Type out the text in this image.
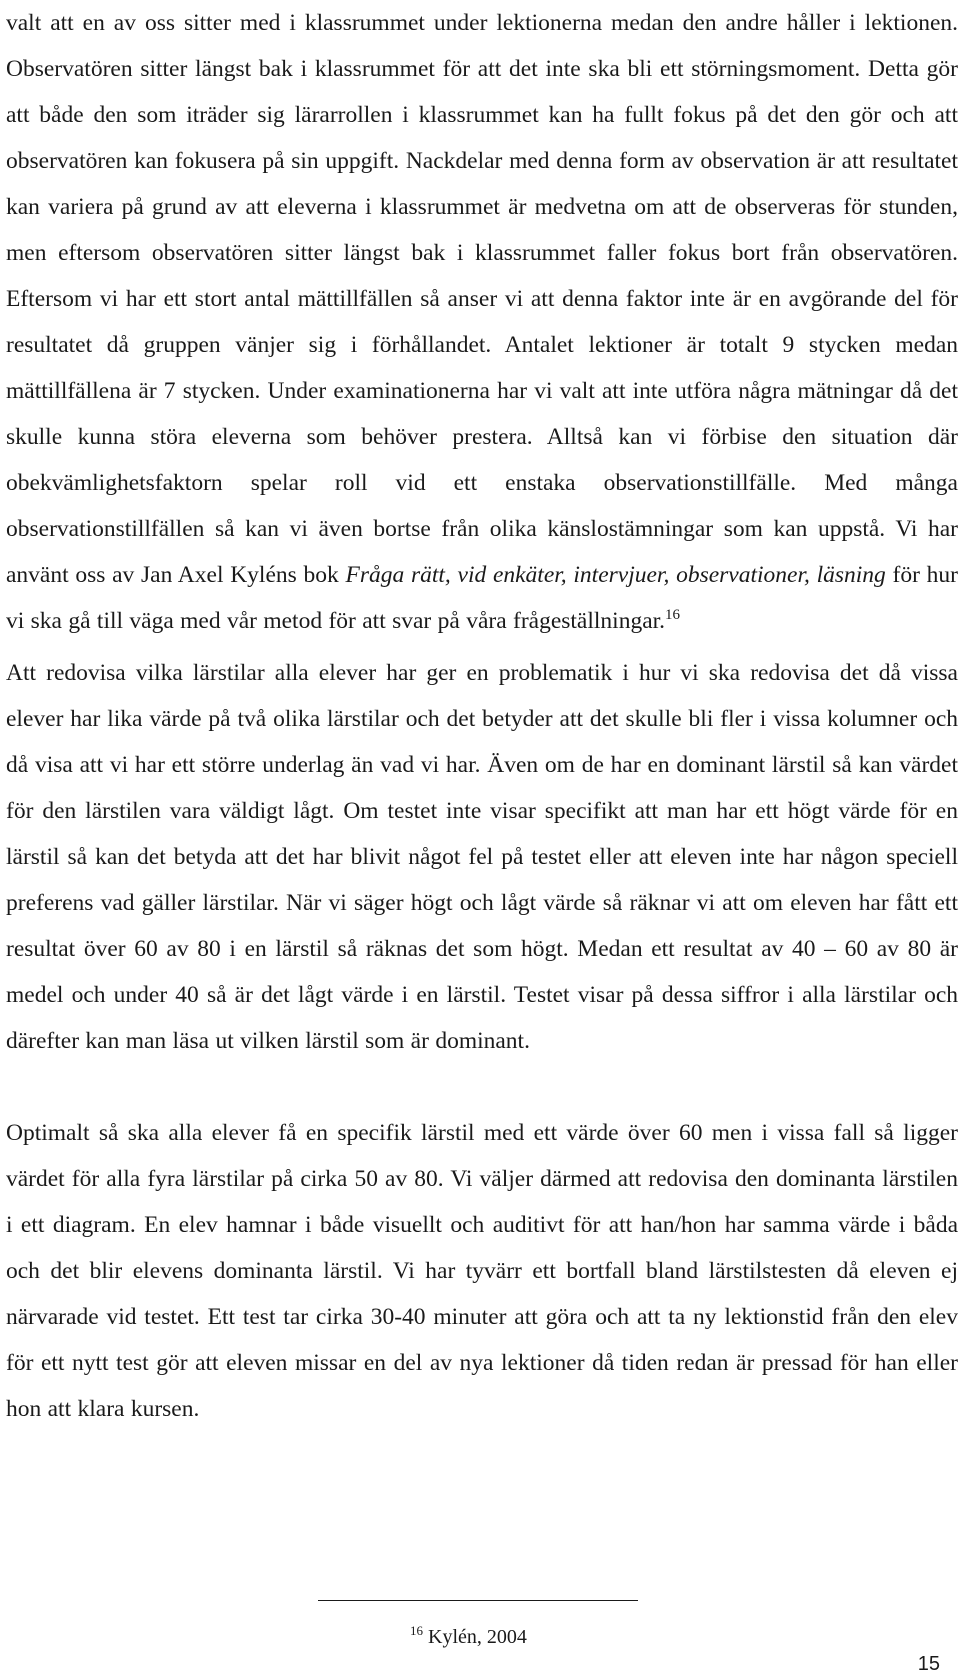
valt att en av oss sitter med i klassrummet under lektionerna medan den andre håller i lektionen. Observatören sitter längst bak i klassrummet för att det inte ska bli ett störningsmoment. Detta gör att både den som iträder sig lärarrollen i klassrummet kan ha fullt fokus på det den gör och att observatören kan fokusera på sin uppgift. Nackdelar med denna form av observation är att resultatet kan variera på grund av att eleverna i klassrummet är medvetna om att de observeras för stunden, men eftersom observatören sitter längst bak i klassrummet faller fokus bort från observatören. Eftersom vi har ett stort antal mättillfällen så anser vi att denna faktor inte är en avgörande del för resultatet då gruppen vänjer sig i förhållandet. Antalet lektioner är totalt 9 stycken medan mättillfällena är 7 stycken. Under examinationerna har vi valt att inte utföra några mätningar då det skulle kunna störa eleverna som behöver prestera. Alltså kan vi förbise den situation där obekvämlighetsfaktorn spelar roll vid ett enstaka observationstillfälle. Med många observationstillfällen så kan vi även bortse från olika känslostämningar som kan uppstå. Vi har använt oss av Jan Axel Kyléns bok Fråga rätt, vid enkäter, intervjuer, observationer, läsning för hur vi ska gå till väga med vår metod för att svar på våra frågeställningar.$^{16}$

Att redovisa vilka lärstilar alla elever har ger en problematik i hur vi ska redovisa det då vissa elever har lika värde på två olika lärstilar och det betyder att det skulle bli fler i vissa kolumner och då visa att vi har ett större underlag än vad vi har. Även om de har en dominant lärstil så kan värdet för den lärstilen vara väldigt lågt. Om testet inte visar specifikt att man har ett högt värde för en lärstil så kan det betyda att det har blivit något fel på testet eller att eleven inte har någon speciell preferens vad gäller lärstilar. När vi säger högt och lågt värde så räknar vi att om eleven har fått ett resultat över 60 av 80 i en lärstil så räknas det som högt. Medan ett resultat av 40 – 60 av 80 är medel och under 40 så är det lågt värde i en lärstil. Testet visar på dessa siffror i alla lärstilar och därefter kan man läsa ut vilken lärstil som är dominant.

Optimalt så ska alla elever få en specifik lärstil med ett värde över 60 men i vissa fall så ligger värdet för alla fyra lärstilar på cirka 50 av 80. Vi väljer därmed att redovisa den dominanta lärstilen i ett diagram. En elev hamnar i både visuellt och auditivt för att han/hon har samma värde i båda och det blir elevens dominanta lärstil. Vi har tyvärr ett bortfall bland lärstilstesten då eleven ej närvarade vid testet. Ett test tar cirka 30-40 minuter att göra och att ta ny lektionstid från den elev för ett nytt test gör att eleven missar en del av nya lektioner då tiden redan är pressad för han eller hon att klara kursen.

$^{16}$ Kylén, 2004
15
